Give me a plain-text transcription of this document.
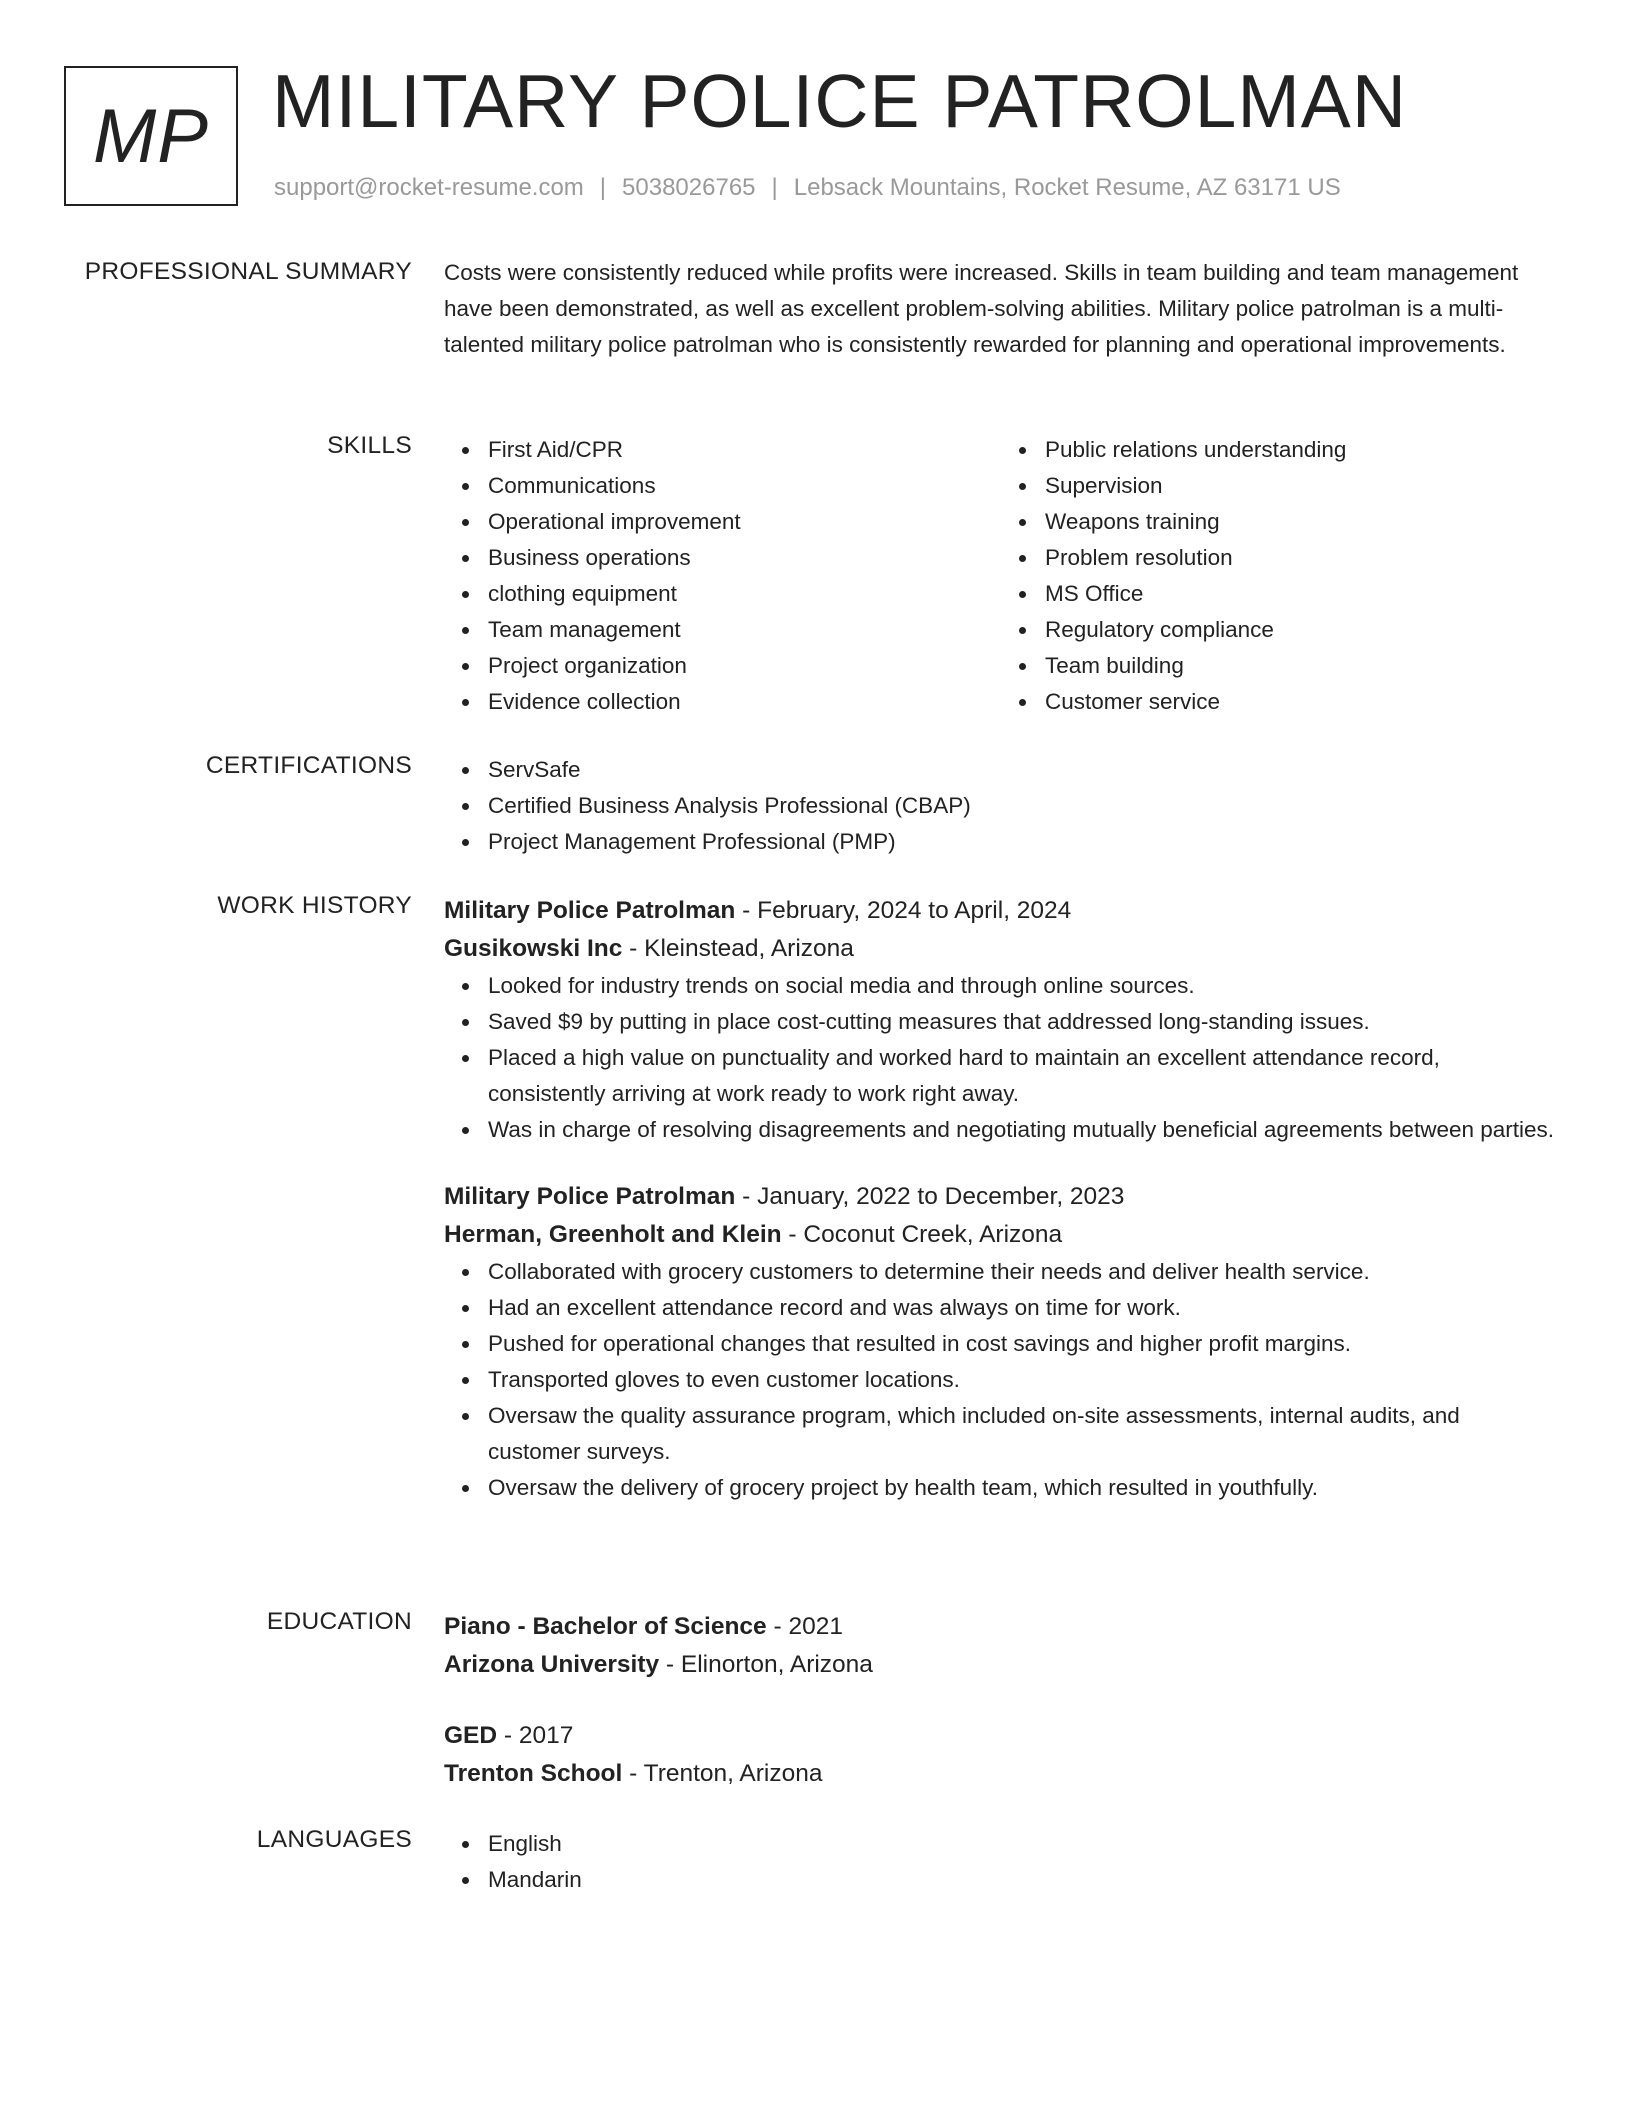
MP MILITARY POLICE PATROLMAN
support@rocket-resume.com | 5038026765 | Lebsack Mountains, Rocket Resume, AZ 63171 US
PROFESSIONAL SUMMARY Costs were consistently reduced while profits were increased. Skills in team building and team management have been demonstrated, as well as excellent problem-solving abilities. Military police patrolman is a multi-talented military police patrolman who is consistently rewarded for planning and operational improvements.

SKILLS	First Aid/CPR
Communications
Operational improvement
Business operations
clothing equipment
Team management
Project organization
Evidence collection
Public relations understanding
Supervision
Weapons training
Problem resolution
MS Office
Regulatory compliance
Team building
Customer service
CERTIFICATIONS	ServSafe
Certified Business Analysis Professional (CBAP)
Project Management Professional (PMP)
WORK HISTORY Military Police Patrolman - February, 2024 to April, 2024
Gusikowski Inc - Kleinstead, Arizona
Looked for industry trends on social media and through online sources.
Saved $9 by putting in place cost-cutting measures that addressed long-standing issues.
Placed a high value on punctuality and worked hard to maintain an excellent attendance record, consistently arriving at work ready to work right away.
Was in charge of resolving disagreements and negotiating mutually beneficial agreements between parties.
Military Police Patrolman - January, 2022 to December, 2023
Herman, Greenholt and Klein - Coconut Creek, Arizona
Collaborated with grocery customers to determine their needs and deliver health service.
Had an excellent attendance record and was always on time for work.
Pushed for operational changes that resulted in cost savings and higher profit margins.
Transported gloves to even customer locations.
Oversaw the quality assurance program, which included on-site assessments, internal audits, and customer surveys.
Oversaw the delivery of grocery project by health team, which resulted in youthfully.
EDUCATION Piano - Bachelor of Science - 2021
Arizona University - Elinorton, Arizona
GED - 2017
Trenton School - Trenton, Arizona
LANGUAGES	English
Mandarin
